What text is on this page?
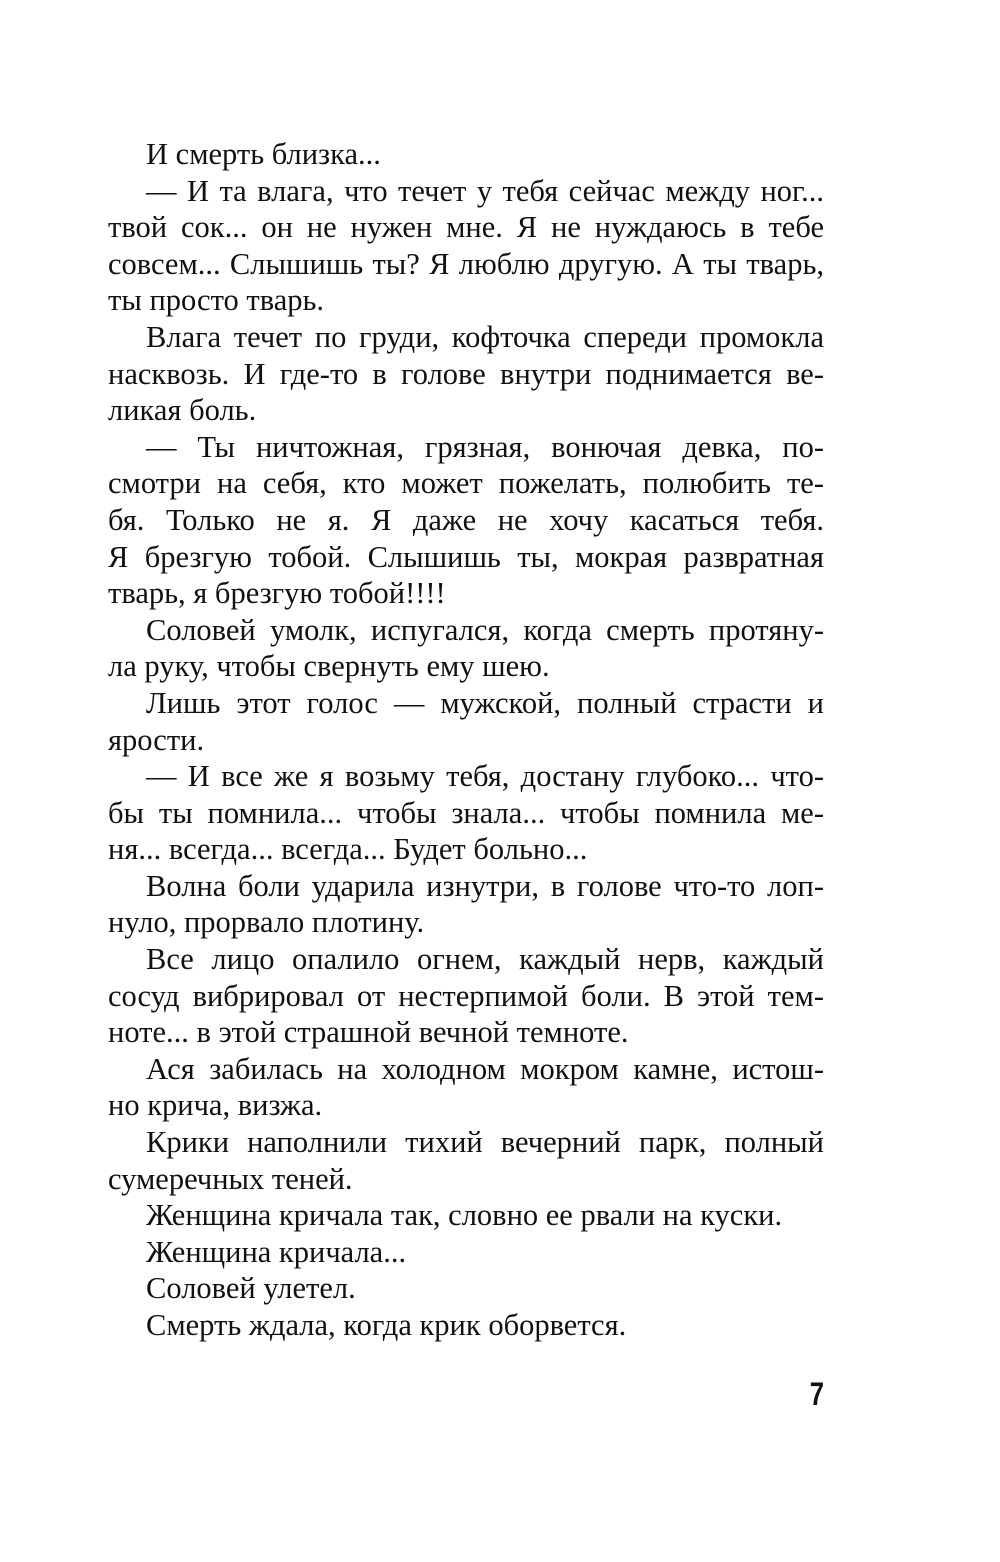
И смерть близка...
— И та влага, что течет у тебя сейчас между ног...
твой сок... он не нужен мне. Я не нуждаюсь в тебе
совсем... Слышишь ты? Я люблю другую. А ты тварь,
ты просто тварь.
Влага течет по груди, кофточка спереди промокла
насквозь. И где-то в голове внутри поднимается ве-
ликая боль.
— Ты ничтожная, грязная, вонючая девка, по-
смотри на себя, кто может пожелать, полюбить те-
бя. Только не я. Я даже не хочу касаться тебя.
Я брезгую тобой. Слышишь ты, мокрая развратная
тварь, я брезгую тобой!!!!
Соловей умолк, испугался, когда смерть протяну-
ла руку, чтобы свернуть ему шею.
Лишь этот голос — мужской, полный страсти и
ярости.
— И все же я возьму тебя, достану глубоко... что-
бы ты помнила... чтобы знала... чтобы помнила ме-
ня... всегда... всегда... Будет больно...
Волна боли ударила изнутри, в голове что-то лоп-
нуло, прорвало плотину.
Все лицо опалило огнем, каждый нерв, каждый
сосуд вибрировал от нестерпимой боли. В этой тем-
ноте... в этой страшной вечной темноте.
Ася забилась на холодном мокром камне, истош-
но крича, визжа.
Крики наполнили тихий вечерний парк, полный
сумеречных теней.
Женщина кричала так, словно ее рвали на куски.
Женщина кричала...
Соловей улетел.
Смерть ждала, когда крик оборвется.
7
